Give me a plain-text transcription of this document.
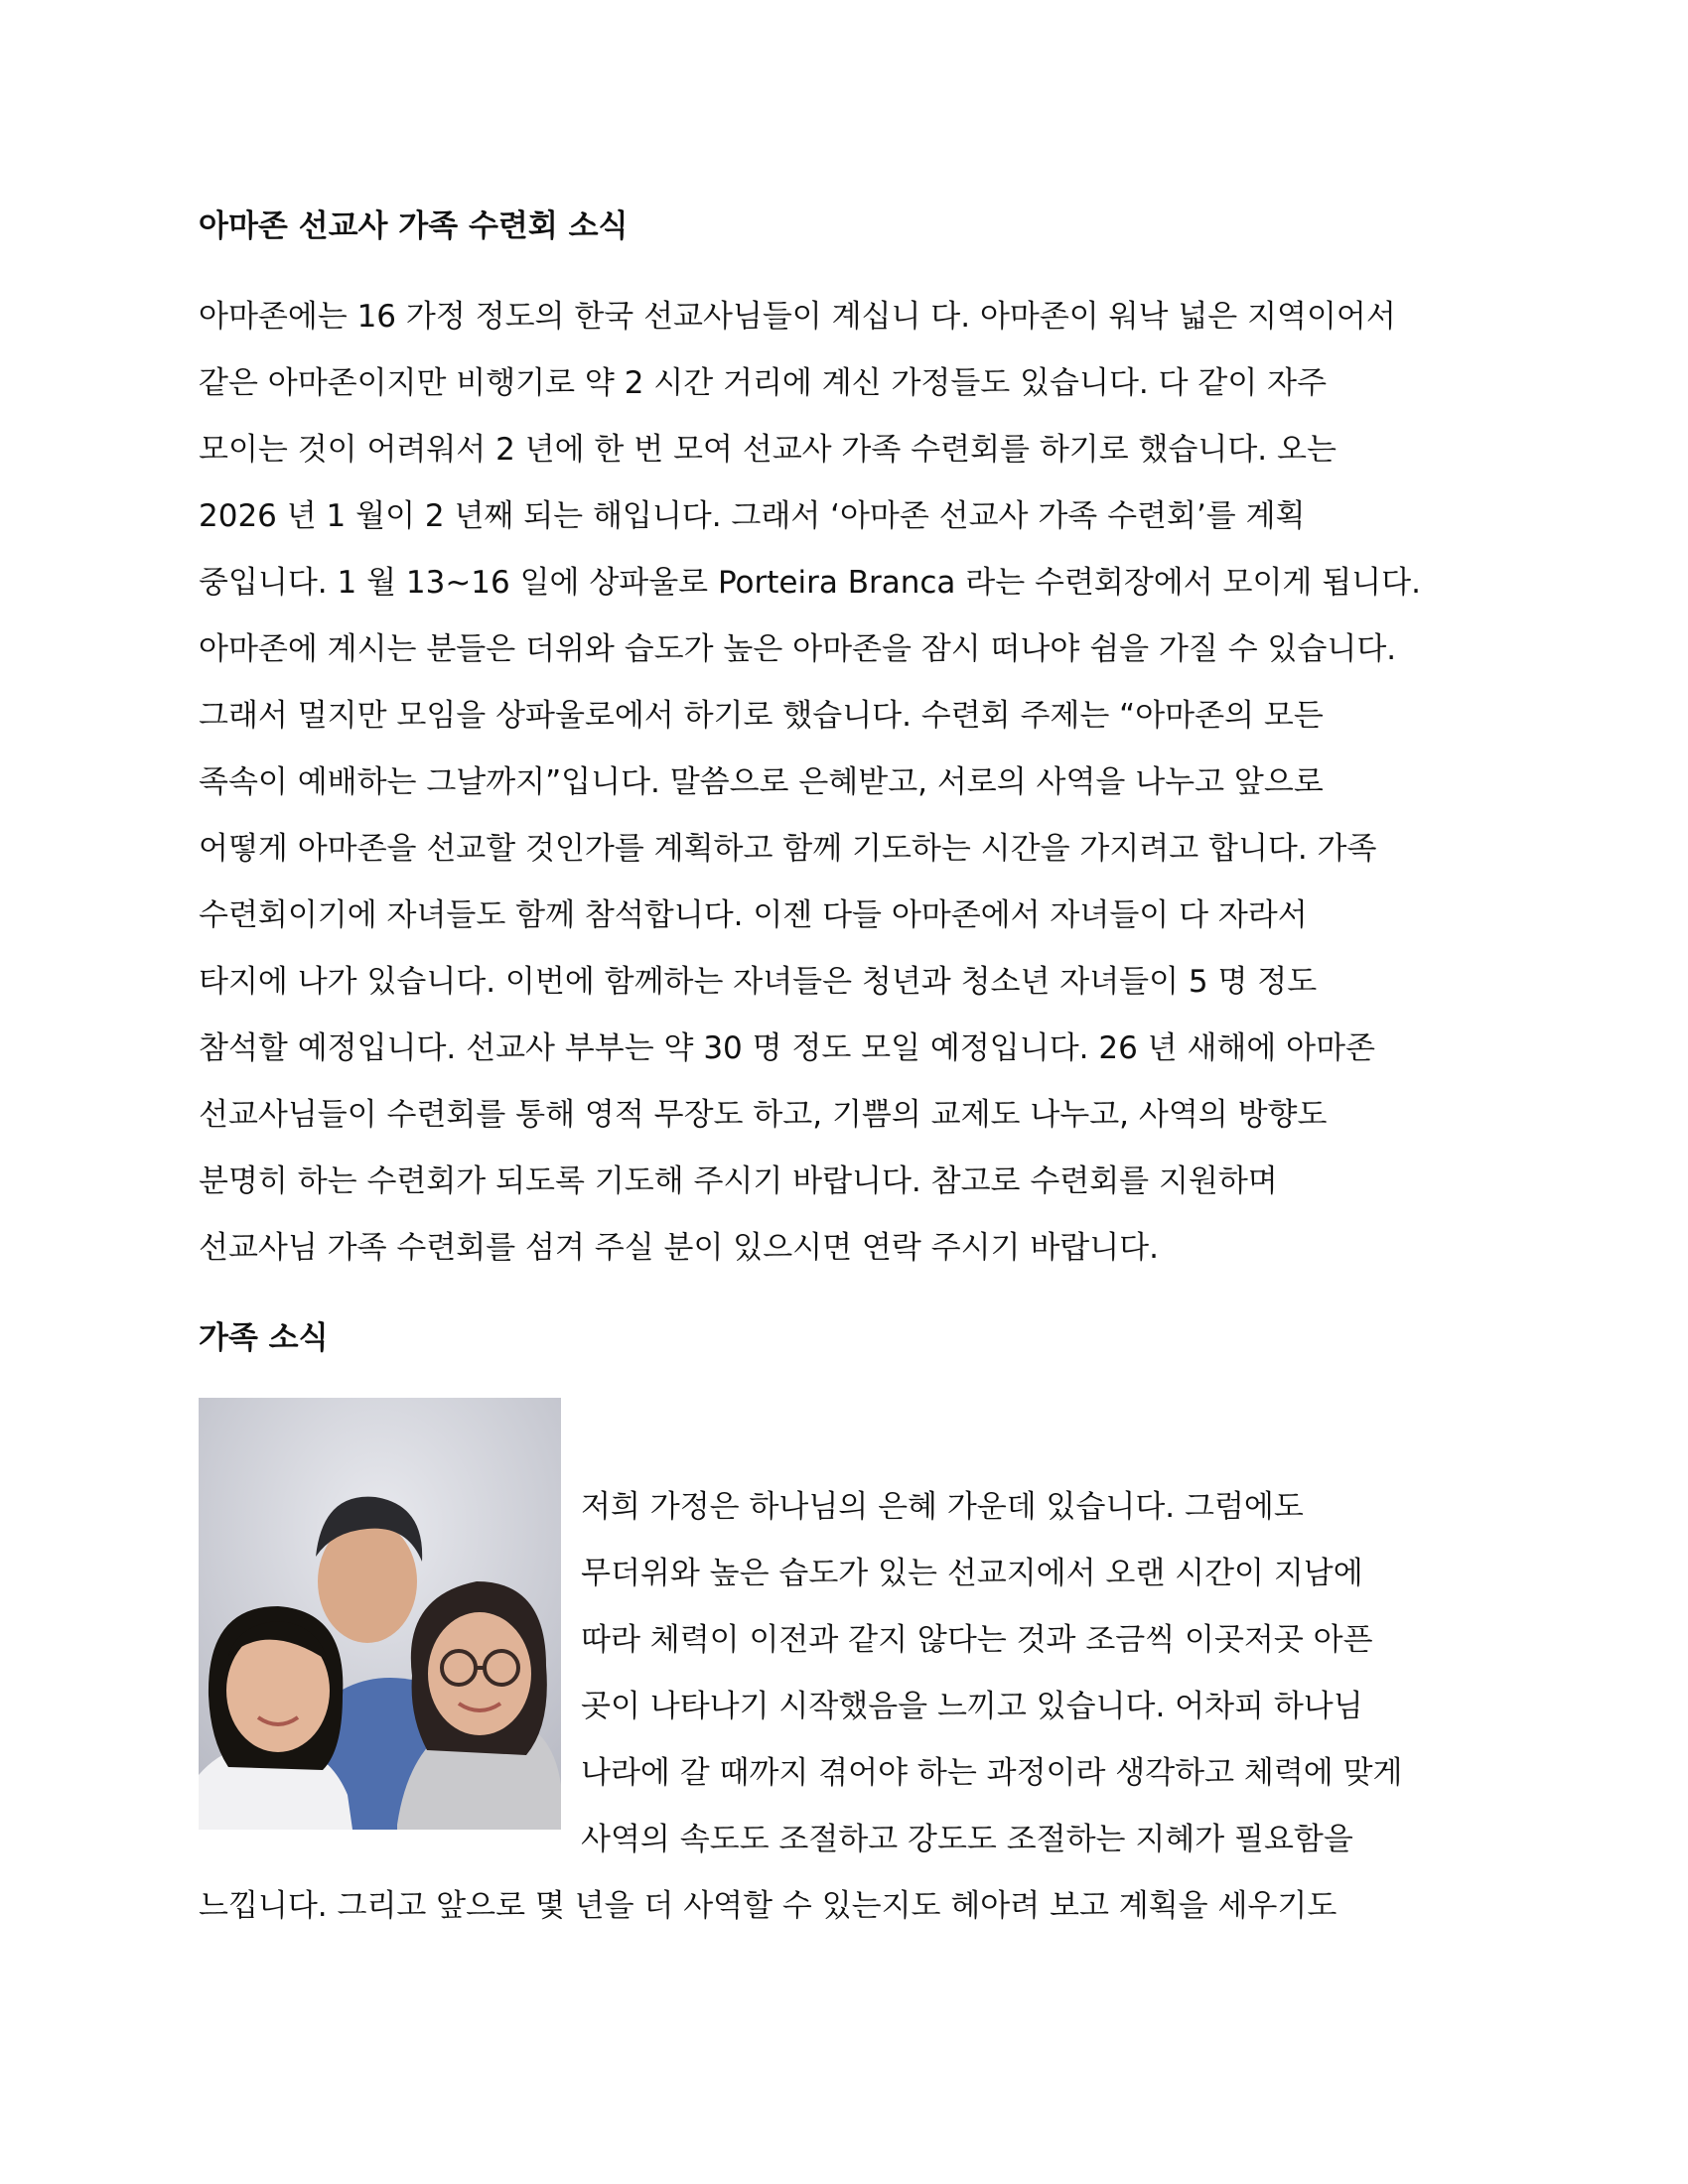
아마존 선교사 가족 수련회 소식

아마존에는 16 가정 정도의 한국 선교사님들이 계십니 다. 아마존이 워낙 넓은 지역이어서

같은 아마존이지만 비행기로 약 2 시간 거리에 계신 가정들도 있습니다. 다 같이 자주

모이는 것이 어려워서 2 년에 한 번 모여 선교사 가족 수련회를 하기로 했습니다. 오는

2026 년 1 월이 2 년째 되는 해입니다. 그래서 ‘아마존 선교사 가족 수련회’를 계획

중입니다. 1 월 13~16 일에 상파울로 Porteira Branca 라는 수련회장에서 모이게 됩니다.

아마존에 계시는 분들은 더위와 습도가 높은 아마존을 잠시 떠나야 쉼을 가질 수 있습니다.

그래서 멀지만 모임을 상파울로에서 하기로 했습니다. 수련회 주제는 “아마존의 모든

족속이 예배하는 그날까지”입니다. 말씀으로 은혜받고, 서로의 사역을 나누고 앞으로

어떻게 아마존을 선교할 것인가를 계획하고 함께 기도하는 시간을 가지려고 합니다. 가족

수련회이기에 자녀들도 함께 참석합니다. 이젠 다들 아마존에서 자녀들이 다 자라서

타지에 나가 있습니다. 이번에 함께하는 자녀들은 청년과 청소년 자녀들이 5 명 정도

참석할 예정입니다. 선교사 부부는 약 30 명 정도 모일 예정입니다. 26 년 새해에 아마존

선교사님들이 수련회를 통해 영적 무장도 하고, 기쁨의 교제도 나누고, 사역의 방향도

분명히 하는 수련회가 되도록 기도해 주시기 바랍니다. 참고로 수련회를 지원하며

선교사님 가족 수련회를 섬겨 주실 분이 있으시면 연락 주시기 바랍니다.

가족 소식

저희 가정은 하나님의 은혜 가운데 있습니다. 그럼에도

무더위와 높은 습도가 있는 선교지에서 오랜 시간이 지남에

따라 체력이 이전과 같지 않다는 것과 조금씩 이곳저곳 아픈

곳이 나타나기 시작했음을 느끼고 있습니다. 어차피 하나님

나라에 갈 때까지 겪어야 하는 과정이라 생각하고 체력에 맞게

사역의 속도도 조절하고 강도도 조절하는 지혜가 필요함을

느낍니다. 그리고 앞으로 몇 년을 더 사역할 수 있는지도 헤아려 보고 계획을 세우기도
